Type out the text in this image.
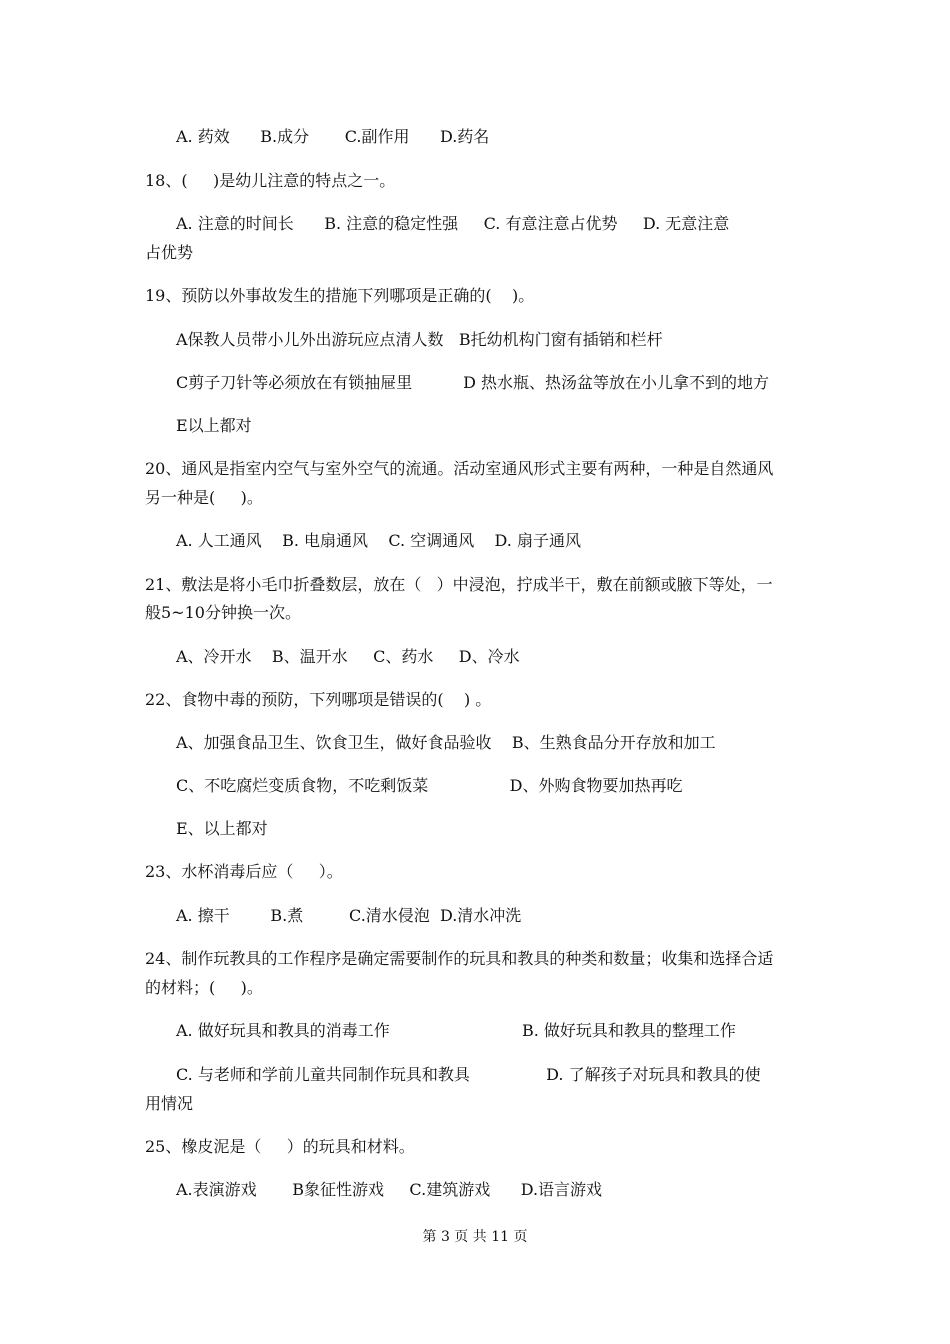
A. 药效      B.成分       C.副作用      D.药名
18、(     )是幼儿注意的特点之一。
A. 注意的时间长      B. 注意的稳定性强     C. 有意注意占优势     D. 无意注意
占优势
19、预防以外事故发生的措施下列哪项是正确的(    )。
A保教人员带小儿外出游玩应点清人数   B托幼机构门窗有插销和栏杆
C剪子刀针等必须放在有锁抽屉里          D 热水瓶、热汤盆等放在小儿拿不到的地方
E以上都对
20、通风是指室内空气与室外空气的流通。活动室通风形式主要有两种，一种是自然通风
另一种是(     )。
A. 人工通风    B. 电扇通风    C. 空调通风    D. 扇子通风
21、敷法是将小毛巾折叠数层，放在（   ）中浸泡，拧成半干，敷在前额或腋下等处，一
般5~10分钟换一次。
A、冷开水    B、温开水     C、药水     D、冷水
22、食物中毒的预防，下列哪项是错误的(    ) 。
A、加强食品卫生、饮食卫生，做好食品验收    B、生熟食品分开存放和加工
C、不吃腐烂变质食物，不吃剩饭菜                D、外购食物要加热再吃
E、以上都对
23、水杯消毒后应（     ）。
A. 擦干        B.煮         C.清水侵泡  D.清水冲洗
24、制作玩教具的工作程序是确定需要制作的玩具和教具的种类和数量；收集和选择合适
的材料；(     )。
A. 做好玩具和教具的消毒工作                          B. 做好玩具和教具的整理工作
C. 与老师和学前儿童共同制作玩具和教具               D. 了解孩子对玩具和教具的使
用情况
25、橡皮泥是（     ）的玩具和材料。
A.表演游戏       B象征性游戏     C.建筑游戏      D.语言游戏
第 3 页 共 11 页
